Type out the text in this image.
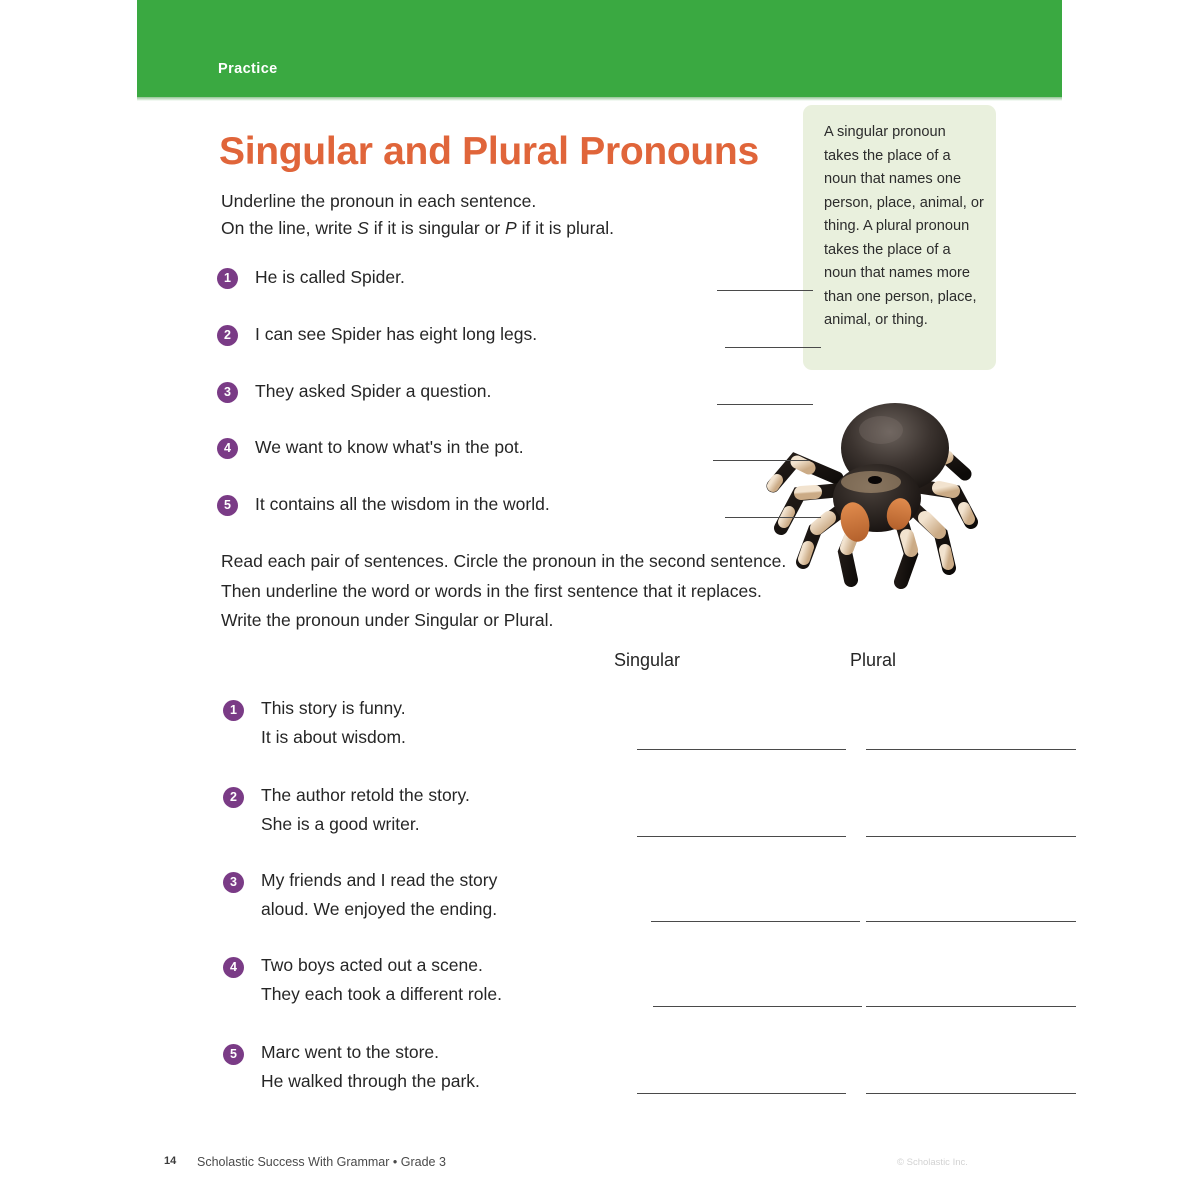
Practice
Singular and Plural Pronouns
Underline the pronoun in each sentence.
On the line, write S if it is singular or P if it is plural.
A singular pronoun takes the place of a noun that names one person, place, animal, or thing. A plural pronoun takes the place of a noun that names more than one person, place, animal, or thing.
1	He is called Spider.
2	I can see Spider has eight long legs.
3	They asked Spider a question.
4	We want to know what's in the pot.
5	It contains all the wisdom in the world.
Read each pair of sentences. Circle the pronoun in the second sentence. Then underline the word or words in the first sentence that it replaces. Write the pronoun under Singular or Plural.
Singular	Plural
1	This story is funny.
It is about wisdom.
2	The author retold the story.
She is a good writer.
3	My friends and I read the story
aloud. We enjoyed the ending.
4	Two boys acted out a scene.
They each took a different role.
5	Marc went to the store.
He walked through the park.
14 Scholastic Success With Grammar • Grade 3	© Scholastic Inc.
